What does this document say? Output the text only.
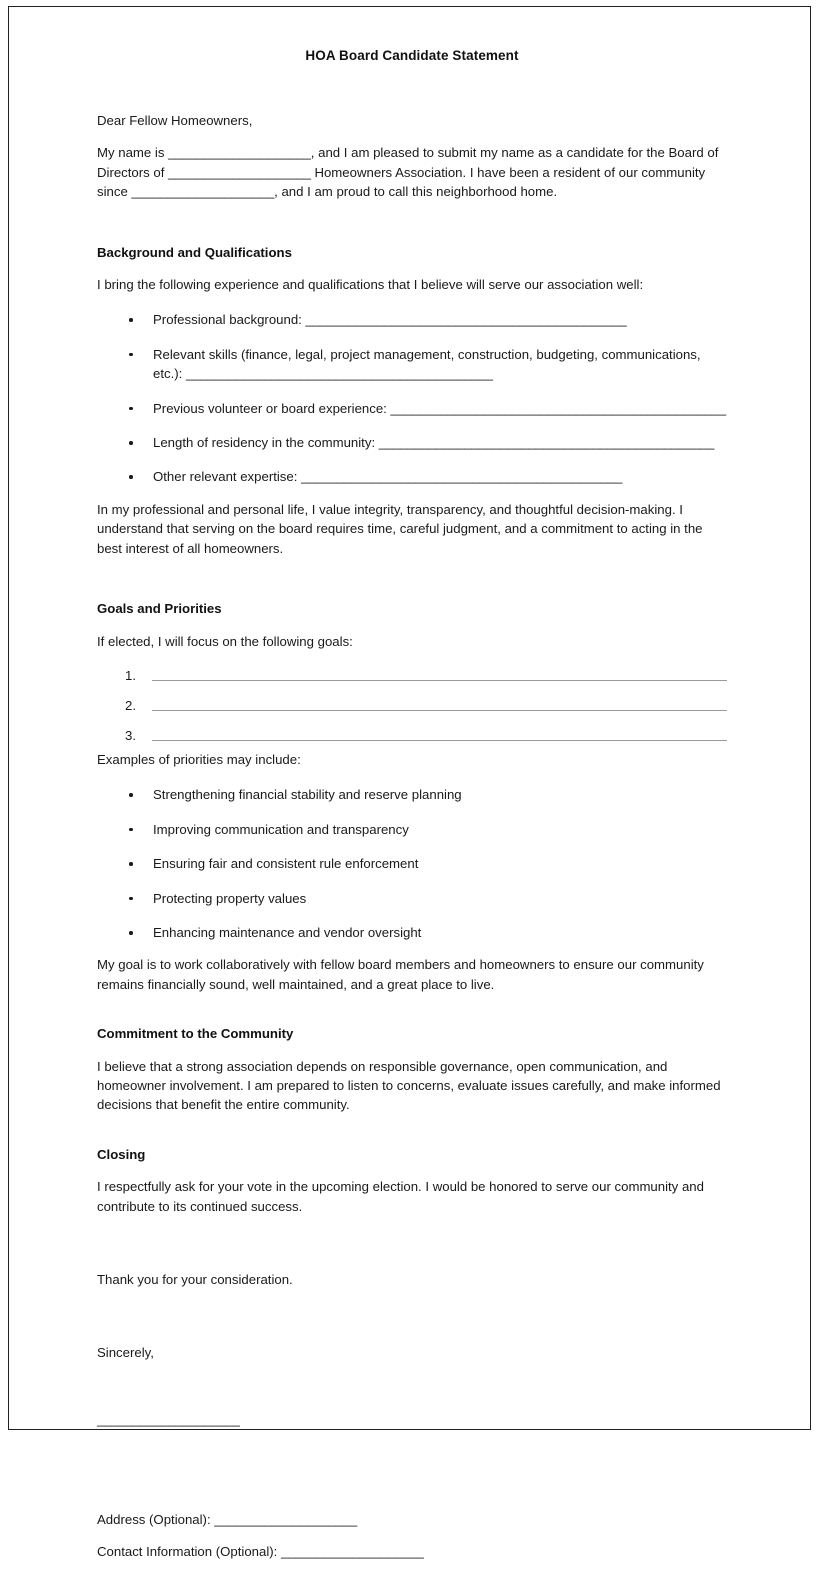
HOA Board Candidate Statement

Dear Fellow Homeowners,

My name is ____________________, and I am pleased to submit my name as a candidate for the Board of Directors of ____________________ Homeowners Association. I have been a resident of our community since ____________________, and I am proud to call this neighborhood home.

Background and Qualifications

I bring the following experience and qualifications that I believe will serve our association well:

Professional background: _____________________________________________
Relevant skills (finance, legal, project management, construction, budgeting, communications, etc.): ___________________________________________
Previous volunteer or board experience: _______________________________________________
Length of residency in the community: _______________________________________________
Other relevant expertise: _____________________________________________

In my professional and personal life, I value integrity, transparency, and thoughtful decision-making. I understand that serving on the board requires time, careful judgment, and a commitment to acting in the best interest of all homeowners.

Goals and Priorities

If elected, I will focus on the following goals:

Examples of priorities may include:

Strengthening financial stability and reserve planning
Improving communication and transparency
Ensuring fair and consistent rule enforcement
Protecting property values
Enhancing maintenance and vendor oversight

My goal is to work collaboratively with fellow board members and homeowners to ensure our community remains financially sound, well maintained, and a great place to live.

Commitment to the Community

I believe that a strong association depends on responsible governance, open communication, and homeowner involvement. I am prepared to listen to concerns, evaluate issues carefully, and make informed decisions that benefit the entire community.

Closing

I respectfully ask for your vote in the upcoming election. I would be honored to serve our community and contribute to its continued success.

Thank you for your consideration.

Sincerely,

____________________

Address (Optional): ____________________

Contact Information (Optional): ____________________
